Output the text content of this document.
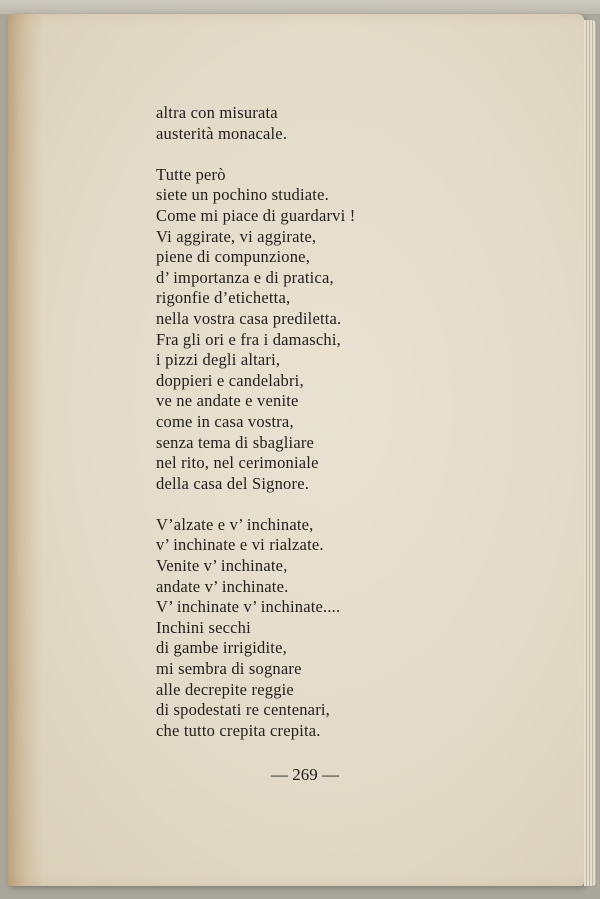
altra con misurata
austerità monacale.
Tutte però
siete un pochino studiate.
Come mi piace di guardarvi !
Vi aggirate, vi aggirate,
piene di compunzione,
d’ importanza e di pratica,
rigonfie d’etichetta,
nella vostra casa prediletta.
Fra gli ori e fra i damaschi,
i pizzi degli altari,
doppieri e candelabri,
ve ne andate e venite
come in casa vostra,
senza tema di sbagliare
nel rito, nel cerimoniale
della casa del Signore.
V’alzate e v’ inchinate,
v’ inchinate e vi rialzate.
Venite v’ inchinate,
andate v’ inchinate.
V’ inchinate v’ inchinate....
Inchini secchi
di gambe irrigidite,
mi sembra di sognare
alle decrepite reggie
di spodestati re centenari,
che tutto crepita crepita.
— 269 —
